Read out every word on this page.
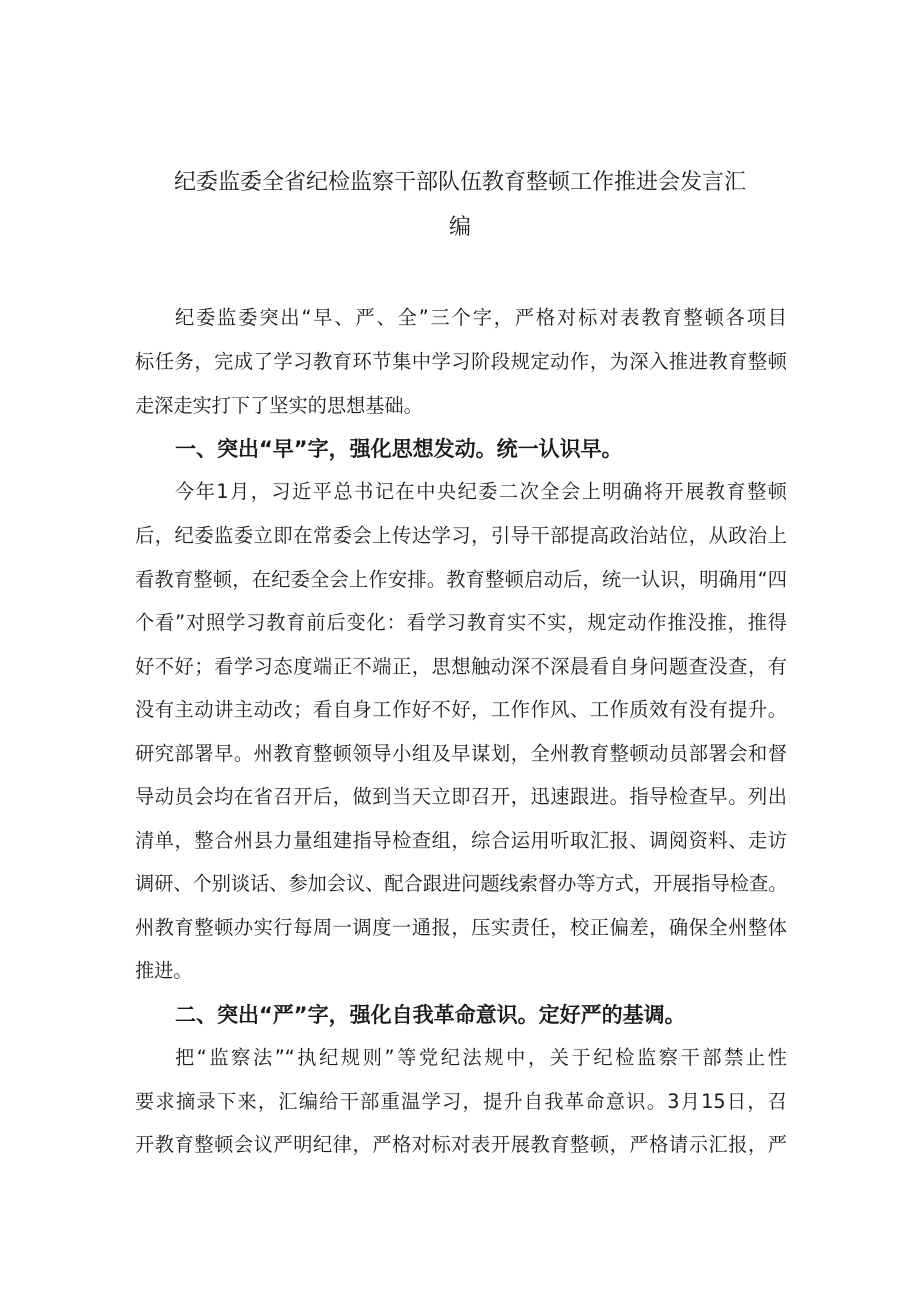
纪委监委全省纪检监察干部队伍教育整顿工作推进会发言汇
编
纪委监委突出“早、严、全”三个字，严格对标对表教育整顿各项目
标任务，完成了学习教育环节集中学习阶段规定动作，为深入推进教育整顿
走深走实打下了坚实的思想基础。
一、突出“早”字，强化思想发动。统一认识早。
今年1月，习近平总书记在中央纪委二次全会上明确将开展教育整顿
后，纪委监委立即在常委会上传达学习，引导干部提高政治站位，从政治上
看教育整顿，在纪委全会上作安排。教育整顿启动后，统一认识，明确用“四
个看”对照学习教育前后变化：看学习教育实不实，规定动作推没推，推得
好不好；看学习态度端正不端正，思想触动深不深晨看自身问题查没查，有
没有主动讲主动改；看自身工作好不好，工作作风、工作质效有没有提升。
研究部署早。州教育整顿领导小组及早谋划，全州教育整顿动员部署会和督
导动员会均在省召开后，做到当天立即召开，迅速跟进。指导检查早。列出
清单，整合州县力量组建指导检查组，综合运用听取汇报、调阅资料、走访
调研、个别谈话、参加会议、配合跟进问题线索督办等方式，开展指导检查。
州教育整顿办实行每周一调度一通报，压实责任，校正偏差，确保全州整体
推进。
二、突出“严”字，强化自我革命意识。定好严的基调。
把“监察法”“执纪规则”等党纪法规中，关于纪检监察干部禁止性
要求摘录下来，汇编给干部重温学习，提升自我革命意识。3月15日，召
开教育整顿会议严明纪律，严格对标对表开展教育整顿，严格请示汇报，严
